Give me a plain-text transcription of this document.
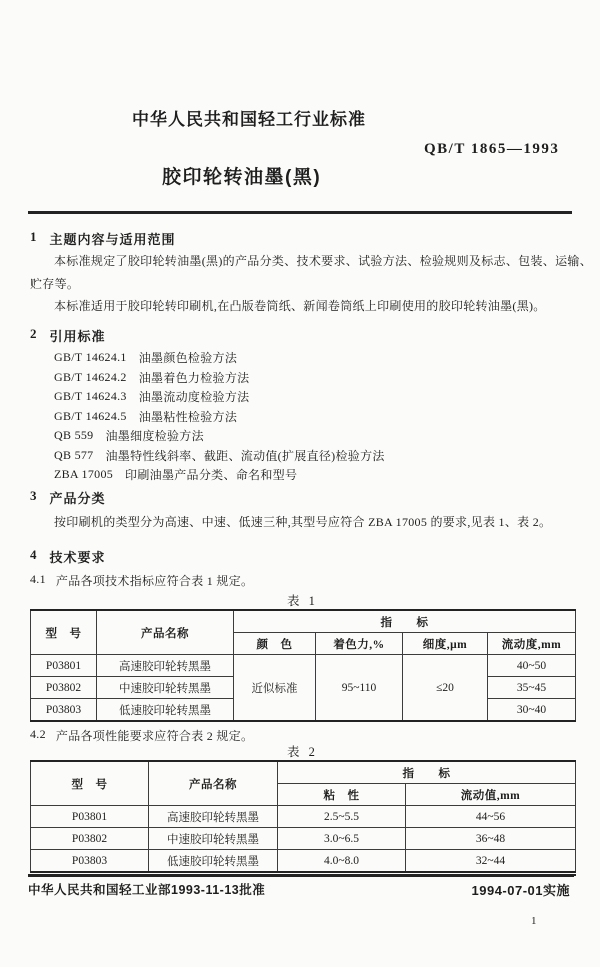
中华人民共和国轻工行业标准
QB/T 1865—1993
胶印轮转油墨(黑)
1 主题内容与适用范围
本标准规定了胶印轮转油墨(黑)的产品分类、技术要求、试验方法、检验规则及标志、包装、运输、贮存等。
本标准适用于胶印轮转印刷机,在凸版卷筒纸、新闻卷筒纸上印刷使用的胶印轮转油墨(黑)。
2 引用标准
GB/T 14624.1 油墨颜色检验方法
GB/T 14624.2 油墨着色力检验方法
GB/T 14624.3 油墨流动度检验方法
GB/T 14624.5 油墨粘性检验方法
QB 559 油墨细度检验方法
QB 577 油墨特性线斜率、截距、流动值(扩展直径)检验方法
ZBA 17005 印刷油墨产品分类、命名和型号
3 产品分类
按印刷机的类型分为高速、中速、低速三种,其型号应符合 ZBA 17005 的要求,见表 1、表 2。
4 技术要求
4.1 产品各项技术指标应符合表 1 规定。
表 1
型　号	产品名称	指　　标			
		颜　色	着色力,%	细度,μm	流动度,mm
P03801	高速胶印轮转黑墨	近似标准	95~110	≤20	40~50
P03802	中速胶印轮转黑墨				35~45
P03803	低速胶印轮转黑墨				30~40
4.2 产品各项性能要求应符合表 2 规定。
表 2
型　号	产品名称	指　　标	
		粘　性	流动值,mm
P03801	高速胶印轮转黑墨	2.5~5.5	44~56
P03802	中速胶印轮转黑墨	3.0~6.5	36~48
P03803	低速胶印轮转黑墨	4.0~8.0	32~44
中华人民共和国轻工业部1993-11-13批准	1994-07-01实施
1
